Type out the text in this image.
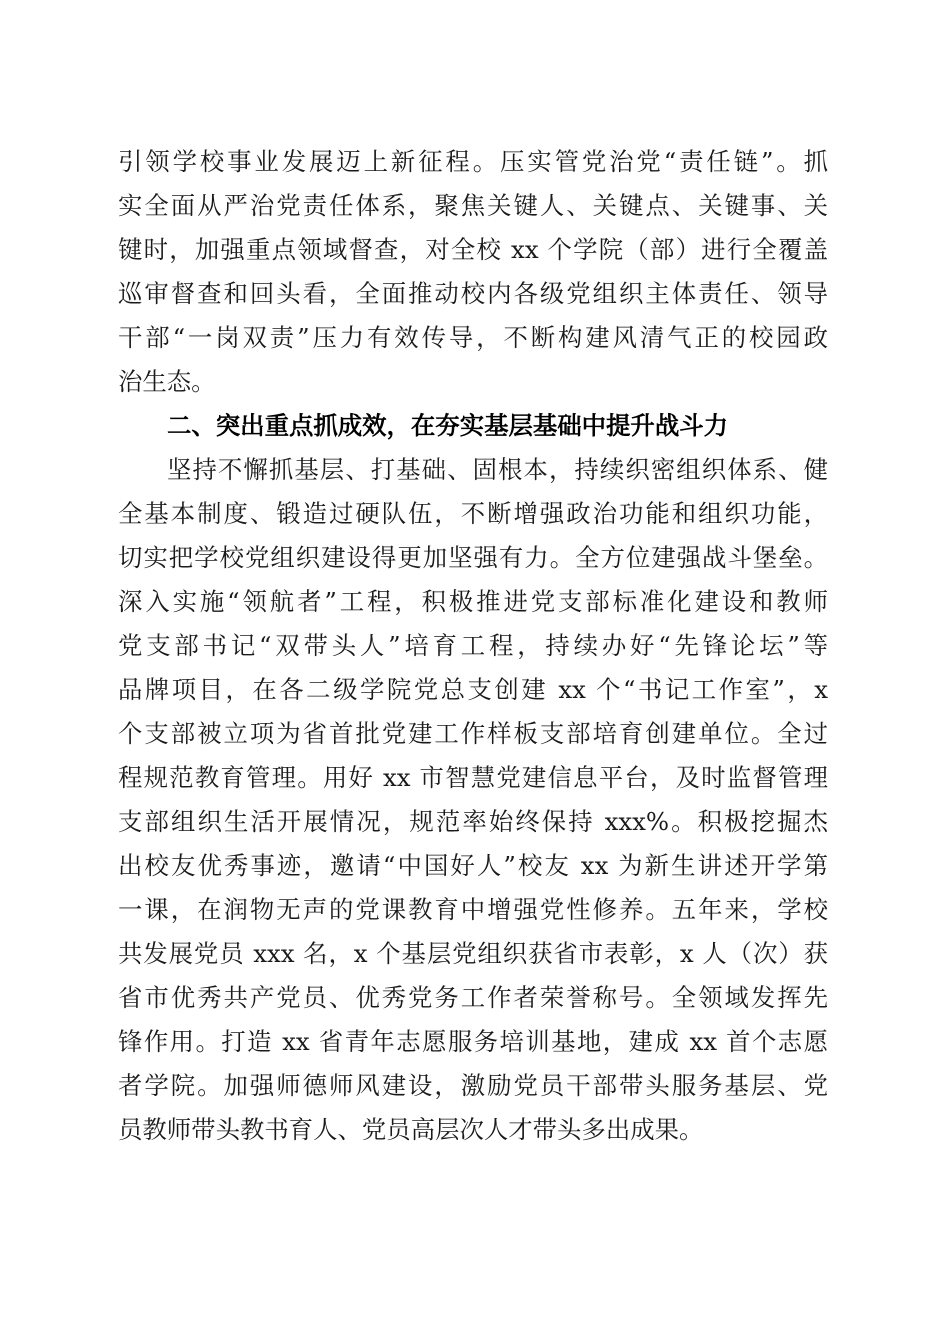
引领学校事业发展迈上新征程。压实管党治党“责任链”。抓
实全面从严治党责任体系，聚焦关键人、关键点、关键事、关
键时，加强重点领域督查，对全校 xx 个学院（部）进行全覆盖
巡审督查和回头看，全面推动校内各级党组织主体责任、领导
干部“一岗双责”压力有效传导，不断构建风清气正的校园政
治生态。
二、突出重点抓成效，在夯实基层基础中提升战斗力
坚持不懈抓基层、打基础、固根本，持续织密组织体系、健
全基本制度、锻造过硬队伍，不断增强政治功能和组织功能，
切实把学校党组织建设得更加坚强有力。全方位建强战斗堡垒。
深入实施“领航者”工程，积极推进党支部标准化建设和教师
党支部书记“双带头人”培育工程，持续办好“先锋论坛”等
品牌项目，在各二级学院党总支创建 xx 个“书记工作室”，x
个支部被立项为省首批党建工作样板支部培育创建单位。全过
程规范教育管理。用好 xx 市智慧党建信息平台，及时监督管理
支部组织生活开展情况，规范率始终保持 xxx%。积极挖掘杰
出校友优秀事迹，邀请“中国好人”校友 xx 为新生讲述开学第
一课，在润物无声的党课教育中增强党性修养。五年来，学校
共发展党员 xxx 名，x 个基层党组织获省市表彰，x 人（次）获
省市优秀共产党员、优秀党务工作者荣誉称号。全领域发挥先
锋作用。打造 xx 省青年志愿服务培训基地，建成 xx 首个志愿
者学院。加强师德师风建设，激励党员干部带头服务基层、党
员教师带头教书育人、党员高层次人才带头多出成果。
